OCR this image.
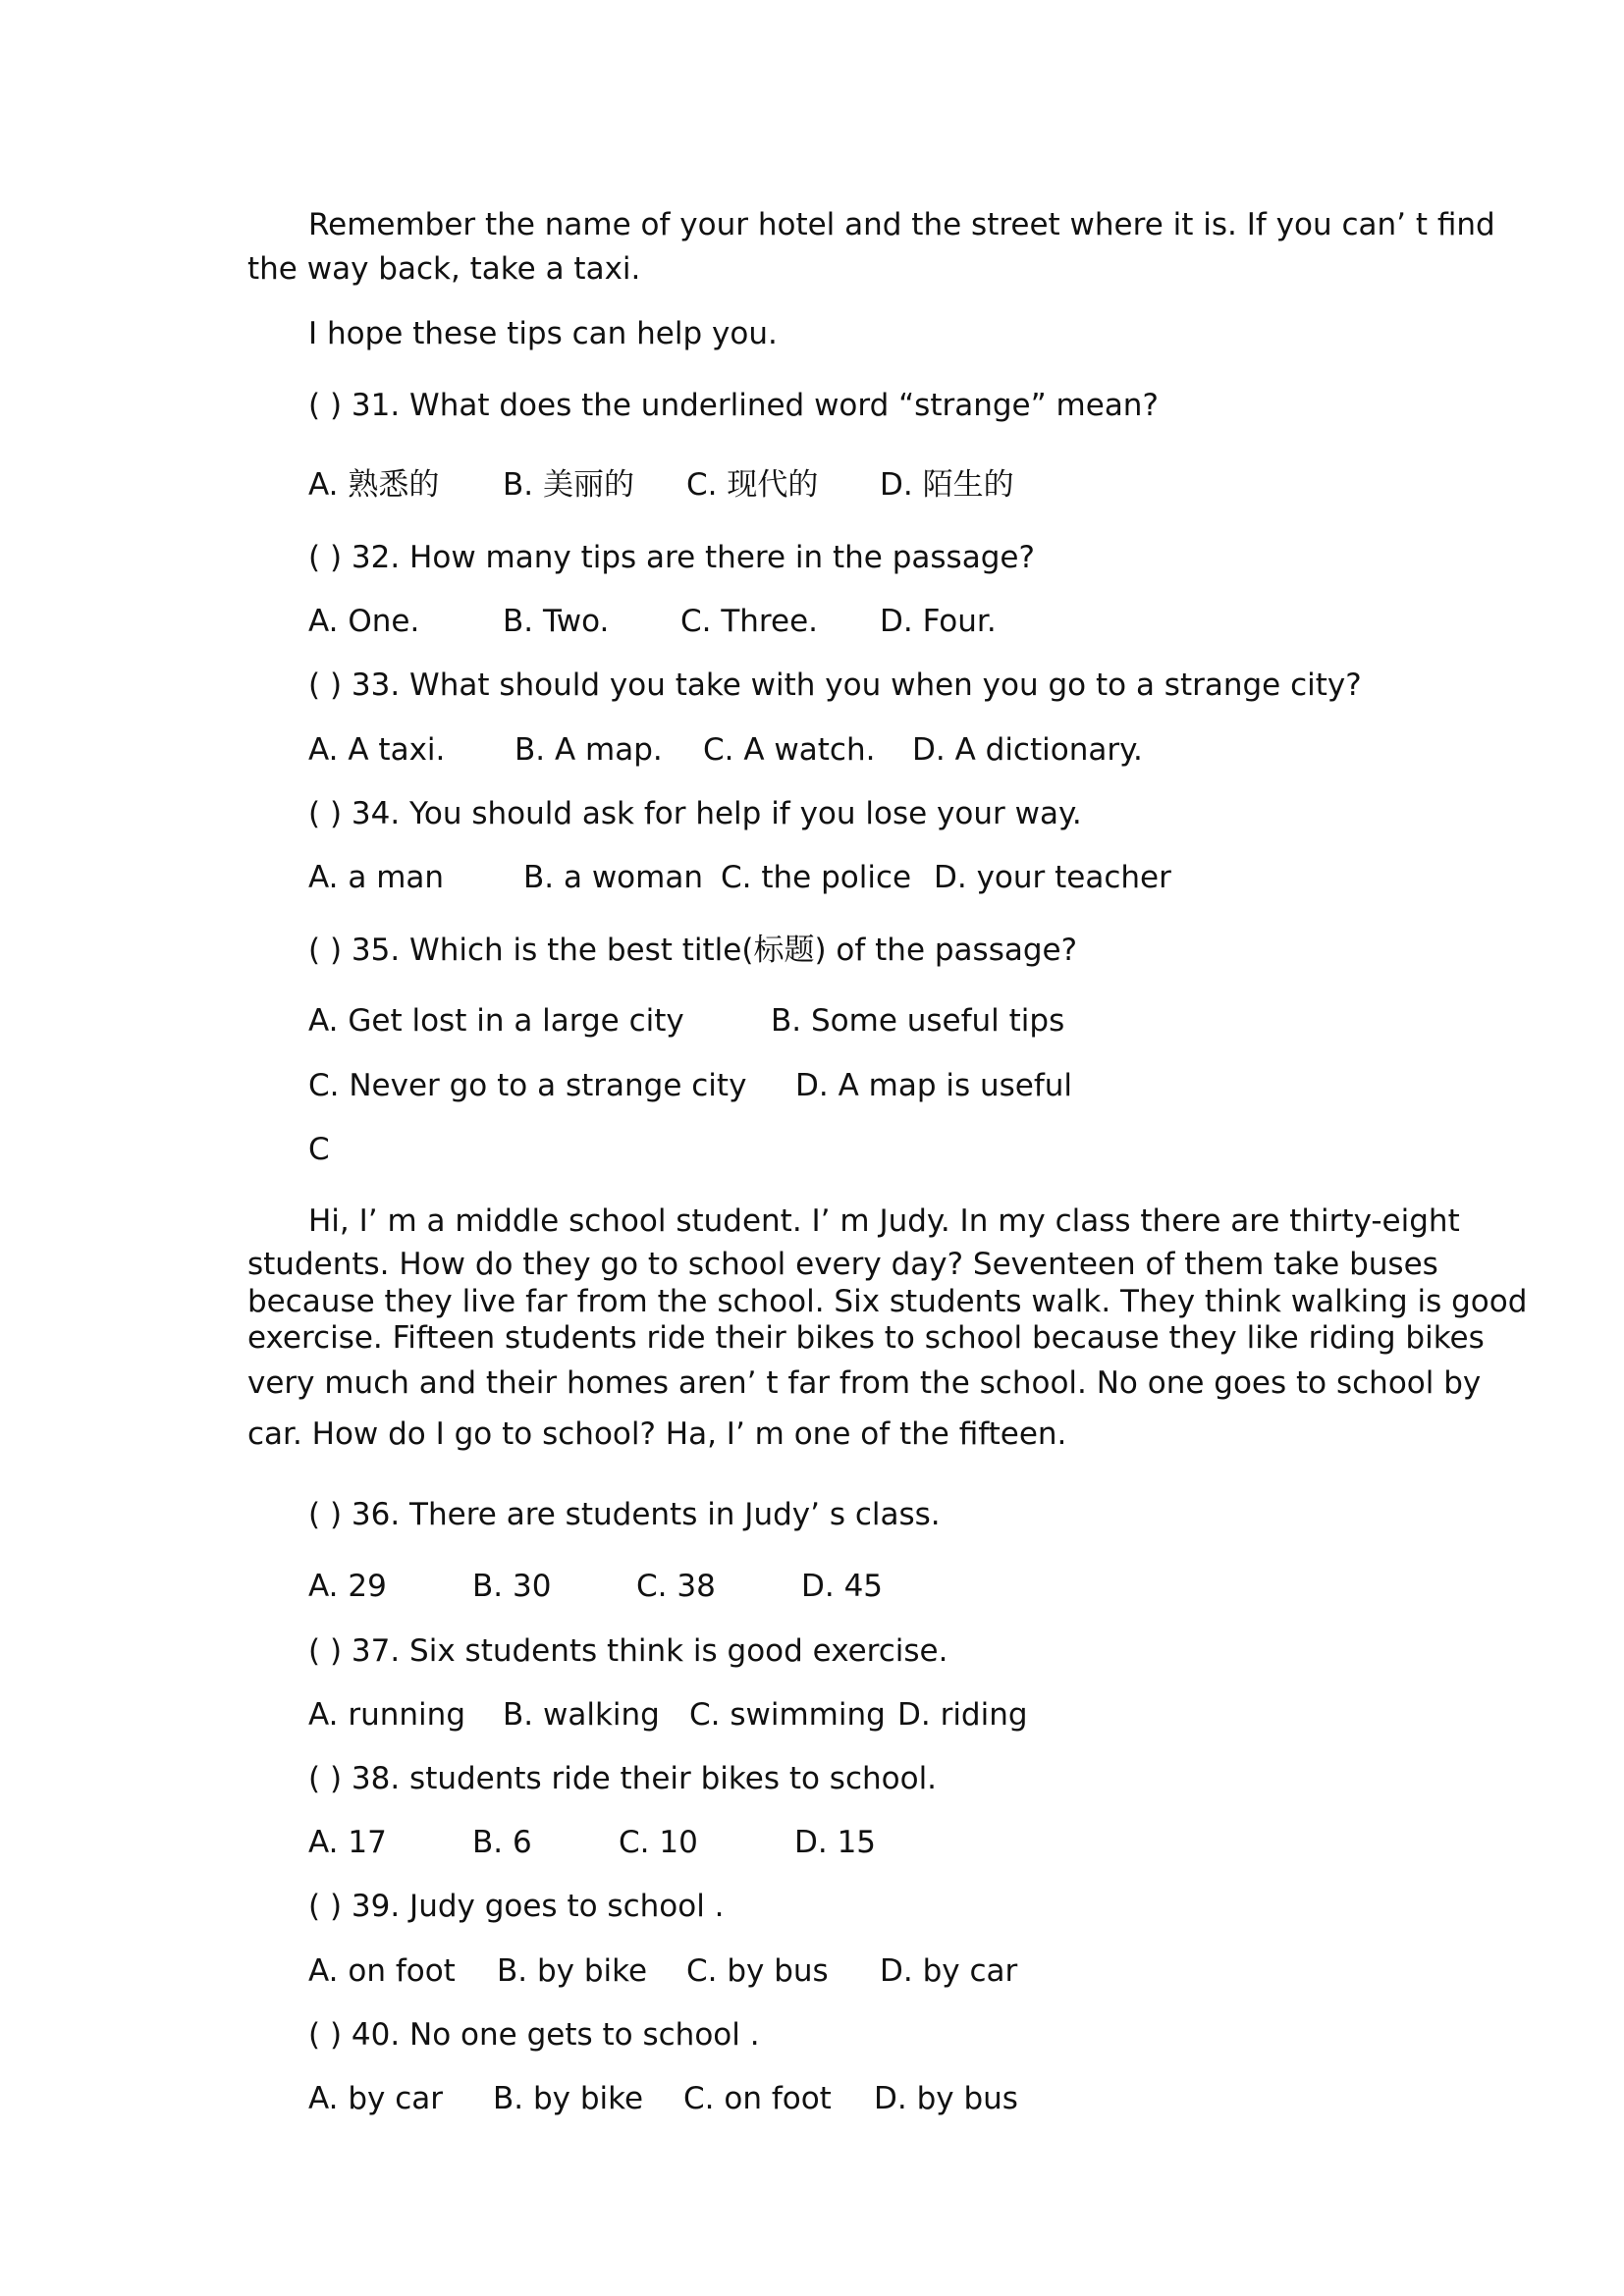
Remember the name of your hotel and the street where it is. If you can’ t find
the way back, take a taxi.
I hope these tips can help you.
( ) 31. What does the underlined word “strange” mean?
A. 熟悉的 B. 美丽的 C. 现代的 D. 陌生的
( ) 32. How many tips are there in the passage?
A. One.	B. Two. C. Three. D. Four.
( ) 33. What should you take with you when you go to a strange city?
A. A taxi. B. A map. C. A watch. D. A dictionary.
( ) 34. You should ask for help if you lose your way.
A. a man	B. a woman C. the police D. your teacher
( ) 35. Which is the best title(标题) of the passage?
A. Get lost in a large city	B. Some useful tips
C. Never go to a strange city D. A map is useful
C
Hi, I’ m a middle school student. I’ m Judy. In my class there are thirty-eight
students. How do they go to school every day? Seventeen of them take buses
because they live far from the school. Six students walk. They think walking is good
exercise. Fifteen students ride their bikes to school because they like riding bikes
very much and their homes aren’ t far from the school. No one goes to school by
car. How do I go to school? Ha, I’ m one of the fifteen.
( ) 36. There are students in Judy’ s class.
A. 29	B. 30	C. 38	D. 45
( ) 37. Six students think is good exercise.
A. running B. walking C. swimming D. riding
( ) 38. students ride their bikes to school.
A. 17	B. 6	C. 10	D. 15
( ) 39. Judy goes to school .
A. on foot B. by bike C. by bus D. by car
( ) 40. No one gets to school .
A. by car B. by bike C. on foot D. by bus
